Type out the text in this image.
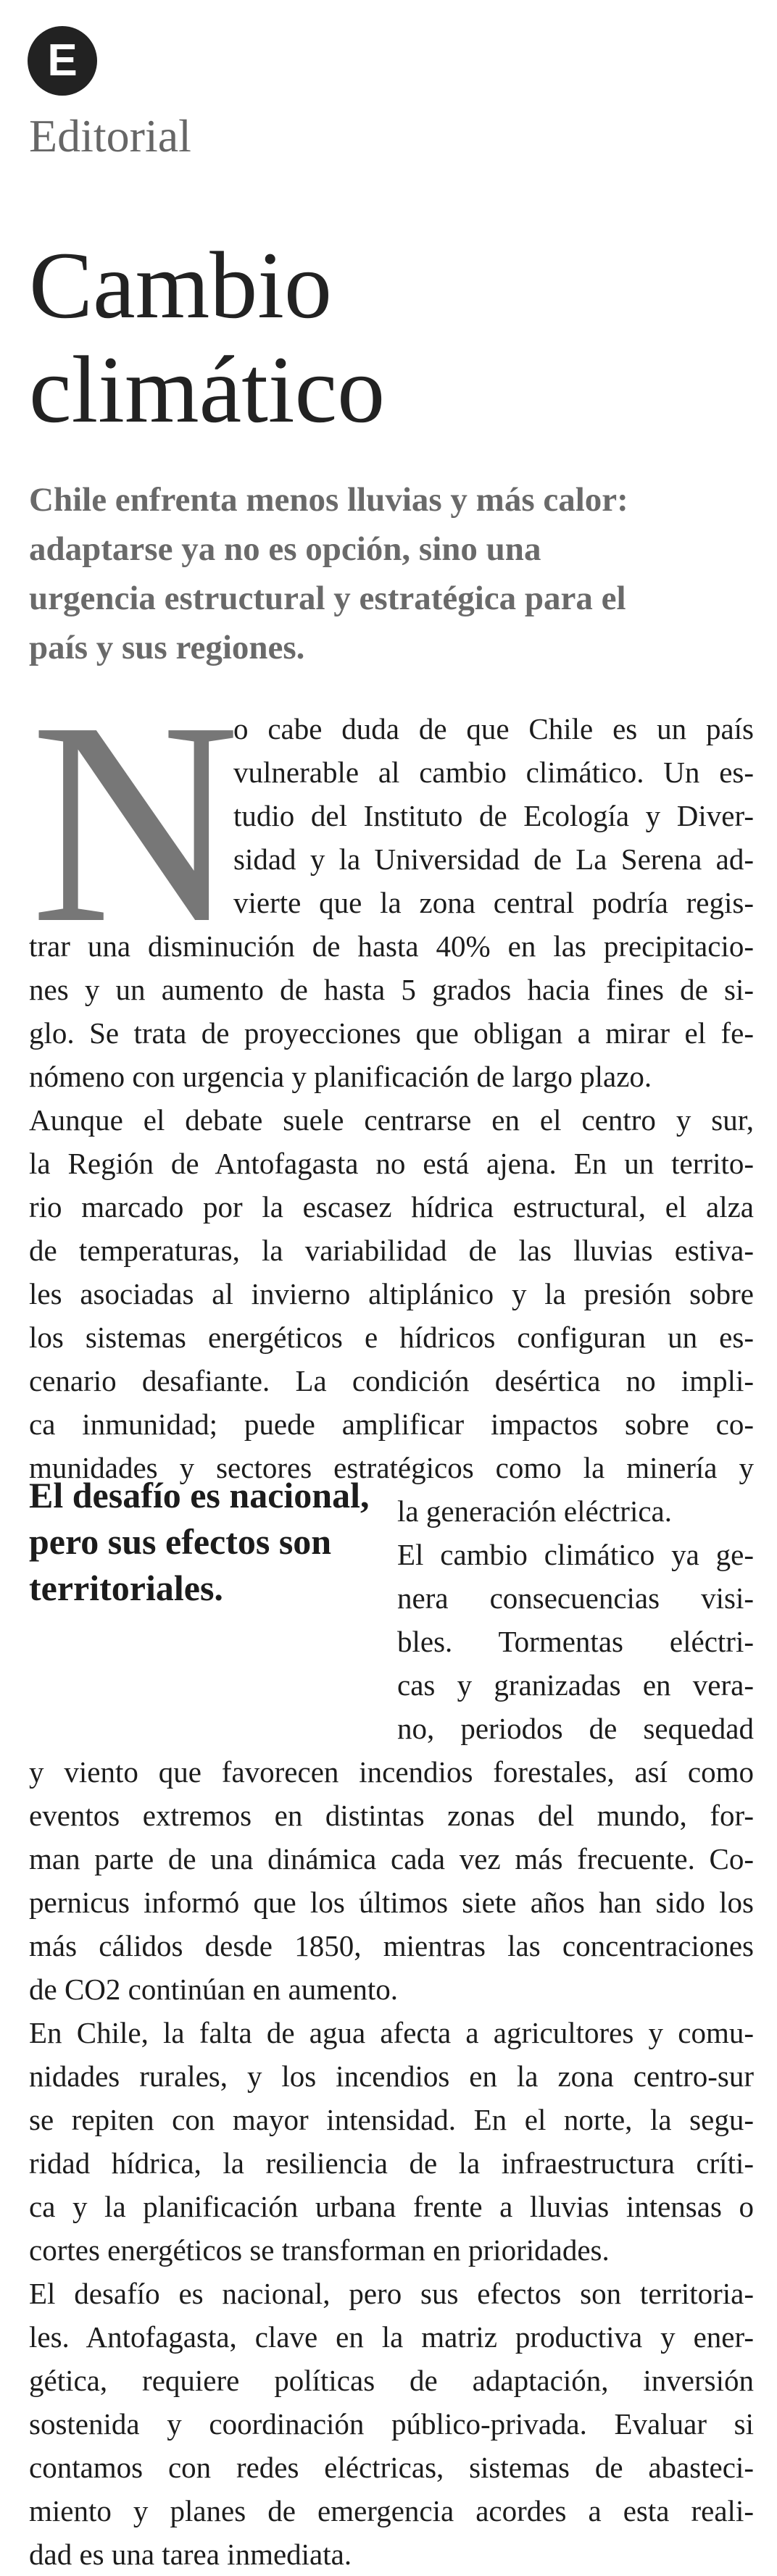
E
Editorial
Cambio
climático
Chile enfrenta menos lluvias y más calor:
adaptarse ya no es opción, sino una
urgencia estructural y estratégica para el
país y sus regiones.
N
El desafío es nacional, pero sus efectos son territoriales.
o cabe duda de que Chile es un país
vulnerable al cambio climático. Un es-
tudio del Instituto de Ecología y Diver-
sidad y la Universidad de La Serena ad-
vierte que la zona central podría regis-
trar una disminución de hasta 40% en las precipitacio-
nes y un aumento de hasta 5 grados hacia fines de si-
glo. Se trata de proyecciones que obligan a mirar el fe-
nómeno con urgencia y planificación de largo plazo.
Aunque el debate suele centrarse en el centro y sur,
la Región de Antofagasta no está ajena. En un territo-
rio marcado por la escasez hídrica estructural, el alza
de temperaturas, la variabilidad de las lluvias estiva-
les asociadas al invierno altiplánico y la presión sobre
los sistemas energéticos e hídricos configuran un es-
cenario desafiante. La condición desértica no impli-
ca inmunidad; puede amplificar impactos sobre co-
munidades y sectores estratégicos como la minería y
la generación eléctrica.
El cambio climático ya ge-
nera consecuencias visi-
bles. Tormentas eléctri-
cas y granizadas en vera-
no, periodos de sequedad
y viento que favorecen incendios forestales, así como
eventos extremos en distintas zonas del mundo, for-
man parte de una dinámica cada vez más frecuente. Co-
pernicus informó que los últimos siete años han sido los
más cálidos desde 1850, mientras las concentraciones
de CO2 continúan en aumento.
En Chile, la falta de agua afecta a agricultores y comu-
nidades rurales, y los incendios en la zona centro-sur
se repiten con mayor intensidad. En el norte, la segu-
ridad hídrica, la resiliencia de la infraestructura críti-
ca y la planificación urbana frente a lluvias intensas o
cortes energéticos se transforman en prioridades.
El desafío es nacional, pero sus efectos son territoria-
les. Antofagasta, clave en la matriz productiva y ener-
gética, requiere políticas de adaptación, inversión
sostenida y coordinación público-privada. Evaluar si
contamos con redes eléctricas, sistemas de abasteci-
miento y planes de emergencia acordes a esta reali-
dad es una tarea inmediata.
